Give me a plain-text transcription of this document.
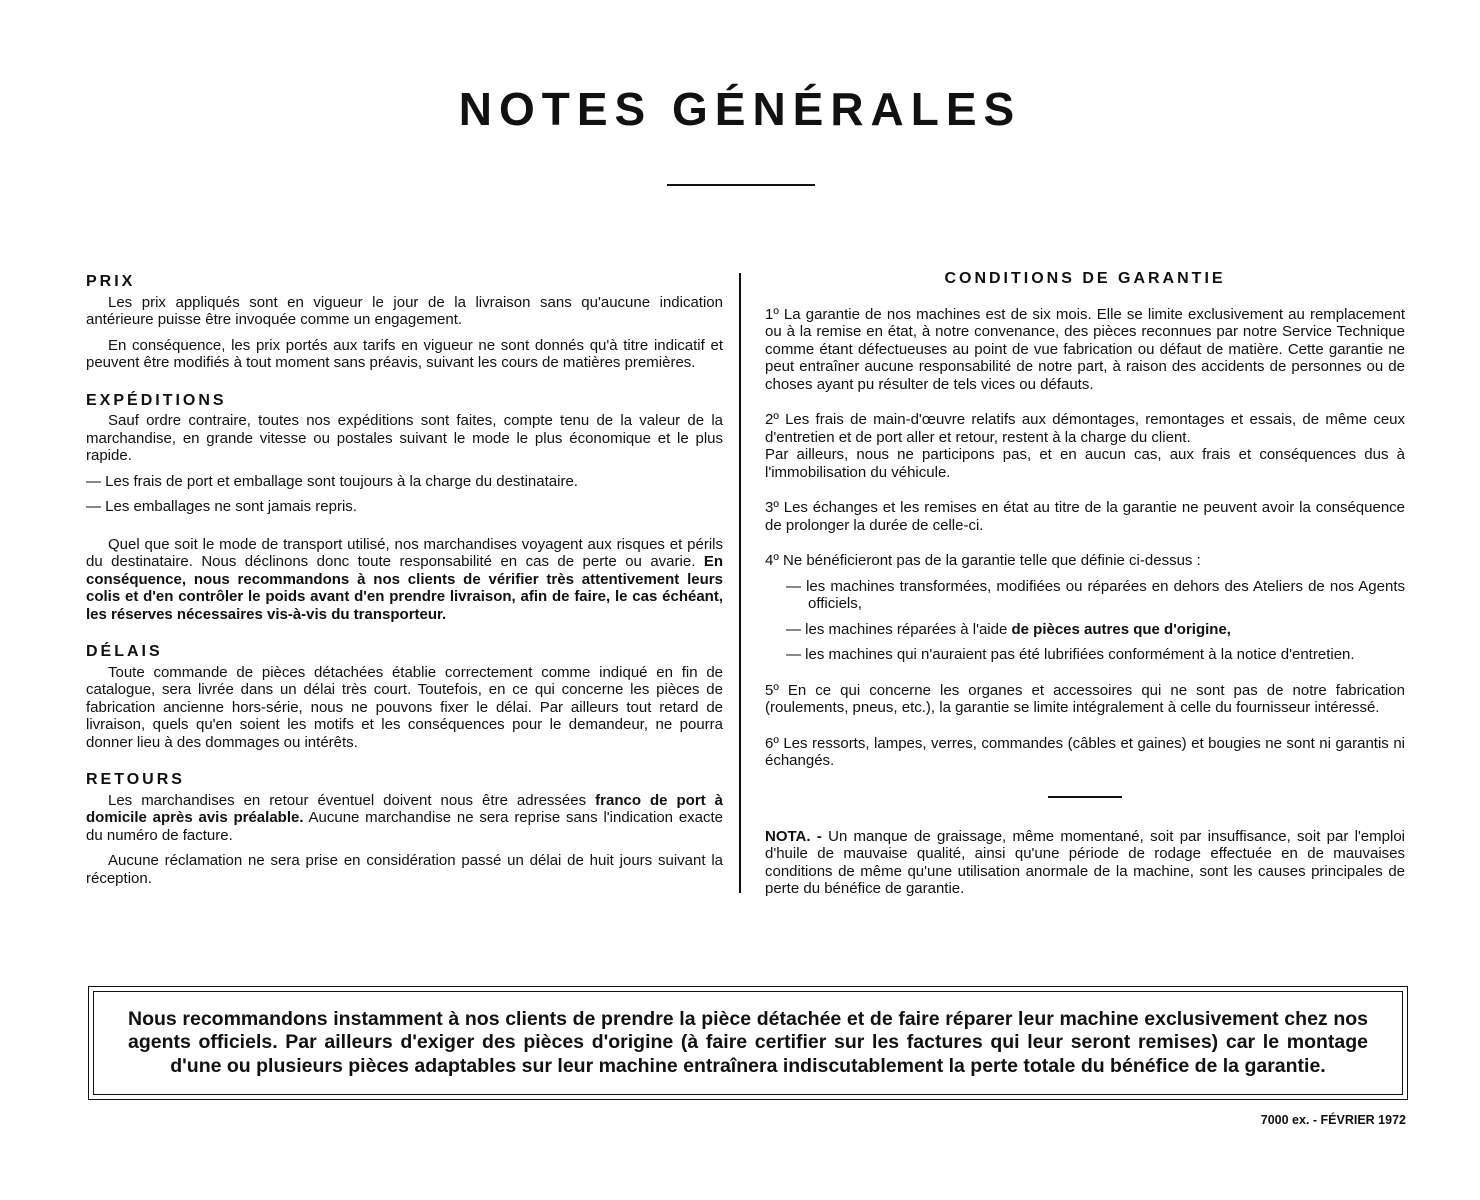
NOTES GÉNÉRALES
PRIX

Les prix appliqués sont en vigueur le jour de la livraison sans qu'aucune indication antérieure puisse être invoquée comme un engagement.

En conséquence, les prix portés aux tarifs en vigueur ne sont donnés qu'à titre indicatif et peuvent être modifiés à tout moment sans préavis, suivant les cours de matières premières.

EXPÉDITIONS

Sauf ordre contraire, toutes nos expéditions sont faites, compte tenu de la valeur de la marchandise, en grande vitesse ou postales suivant le mode le plus économique et le plus rapide.

— Les frais de port et emballage sont toujours à la charge du destinataire.

— Les emballages ne sont jamais repris.

Quel que soit le mode de transport utilisé, nos marchandises voyagent aux risques et périls du destinataire. Nous déclinons donc toute responsabilité en cas de perte ou avarie. En conséquence, nous recommandons à nos clients de vérifier très attentivement leurs colis et d'en contrôler le poids avant d'en prendre livraison, afin de faire, le cas échéant, les réserves nécessaires vis-à-vis du transporteur.

DÉLAIS

Toute commande de pièces détachées établie correctement comme indiqué en fin de catalogue, sera livrée dans un délai très court. Toutefois, en ce qui concerne les pièces de fabrication ancienne hors-série, nous ne pouvons fixer le délai. Par ailleurs tout retard de livraison, quels qu'en soient les motifs et les conséquences pour le demandeur, ne pourra donner lieu à des dommages ou intérêts.

RETOURS

Les marchandises en retour éventuel doivent nous être adressées franco de port à domicile après avis préalable. Aucune marchandise ne sera reprise sans l'indication exacte du numéro de facture.

Aucune réclamation ne sera prise en considération passé un délai de huit jours suivant la réception.

CONDITIONS DE GARANTIE

1º La garantie de nos machines est de six mois. Elle se limite exclusivement au remplacement ou à la remise en état, à notre convenance, des pièces reconnues par notre Service Technique comme étant défectueuses au point de vue fabrication ou défaut de matière. Cette garantie ne peut entraîner aucune responsabilité de notre part, à raison des accidents de personnes ou de choses ayant pu résulter de tels vices ou défauts.

2º Les frais de main-d'œuvre relatifs aux démontages, remontages et essais, de même ceux d'entretien et de port aller et retour, restent à la charge du client.

Par ailleurs, nous ne participons pas, et en aucun cas, aux frais et conséquences dus à l'immobilisation du véhicule.

3º Les échanges et les remises en état au titre de la garantie ne peuvent avoir la conséquence de prolonger la durée de celle-ci.

4º Ne bénéficieront pas de la garantie telle que définie ci-dessus :

— les machines transformées, modifiées ou réparées en dehors des Ateliers de nos Agents officiels,

— les machines réparées à l'aide de pièces autres que d'origine,

— les machines qui n'auraient pas été lubrifiées conformément à la notice d'entretien.

5º En ce qui concerne les organes et accessoires qui ne sont pas de notre fabrication (roulements, pneus, etc.), la garantie se limite intégralement à celle du fournisseur intéressé.

6º Les ressorts, lampes, verres, commandes (câbles et gaines) et bougies ne sont ni garantis ni échangés.

NOTA. - Un manque de graissage, même momentané, soit par insuffisance, soit par l'emploi d'huile de mauvaise qualité, ainsi qu'une période de rodage effectuée en de mauvaises conditions de même qu'une utilisation anormale de la machine, sont les causes principales de perte du bénéfice de garantie.

Nous recommandons instamment à nos clients de prendre la pièce détachée et de faire réparer leur machine exclusivement chez nos agents officiels. Par ailleurs d'exiger des pièces d'origine (à faire certifier sur les factures qui leur seront remises) car le montage d'une ou plusieurs pièces adaptables sur leur machine entraînera indiscutablement la perte totale du bénéfice de la garantie.

7000 ex. - FÉVRIER 1972
